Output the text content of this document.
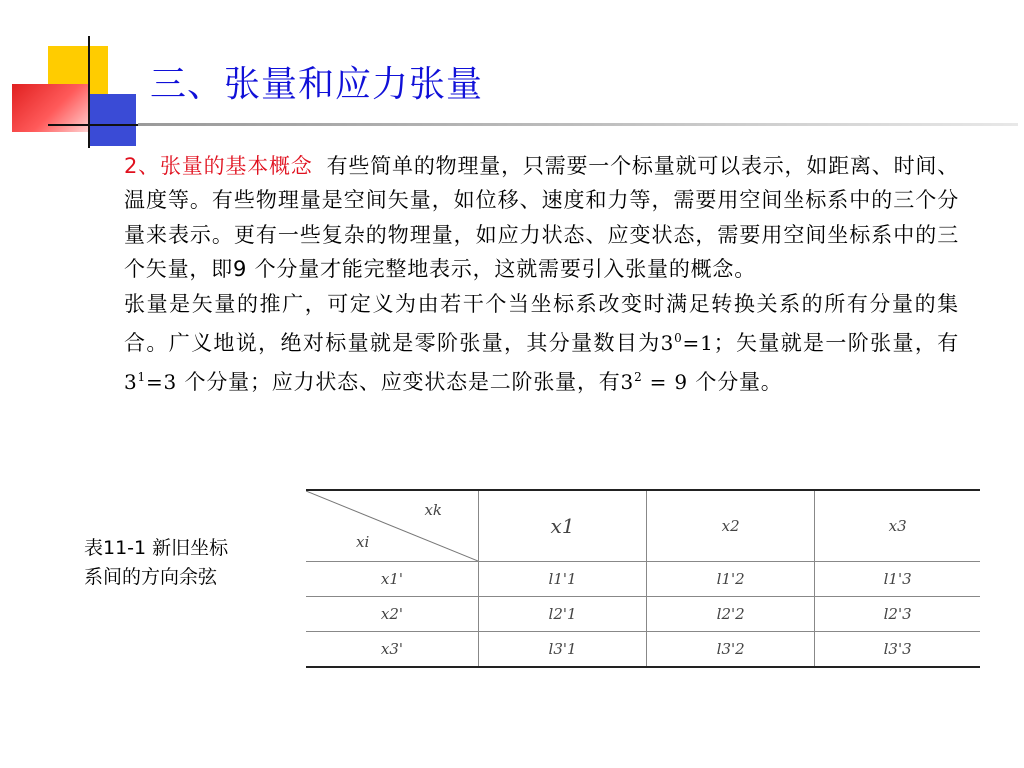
三、张量和应力张量

2、张量的基本概念 有些简单的物理量，只需要一个标量就可以表示，如距离、时间、温度等。有些物理量是空间矢量，如位移、速度和力等，需要用空间坐标系中的三个分量来表示。更有一些复杂的物理量，如应力状态、应变状态，需要用空间坐标系中的三个矢量，即9 个分量才能完整地表示，这就需要引入张量的概念。

张量是矢量的推广，可定义为由若干个当坐标系改变时满足转换关系的所有分量的集合。广义地说，绝对标量就是零阶张量，其分量数目为$3^0=1$；矢量就是一阶张量，有 $3^1=3$ 个分量；应力状态、应变状态是二阶张量，有$3^2 = 9$ 个分量。

表11-1 新旧坐标
系间的方向余弦
xk
xi	x1	x2	x3
x1'	l1'1	l1'2	l1'3
x2'	l2'1	l2'2	l2'3
x3'	l3'1	l3'2	l3'3
